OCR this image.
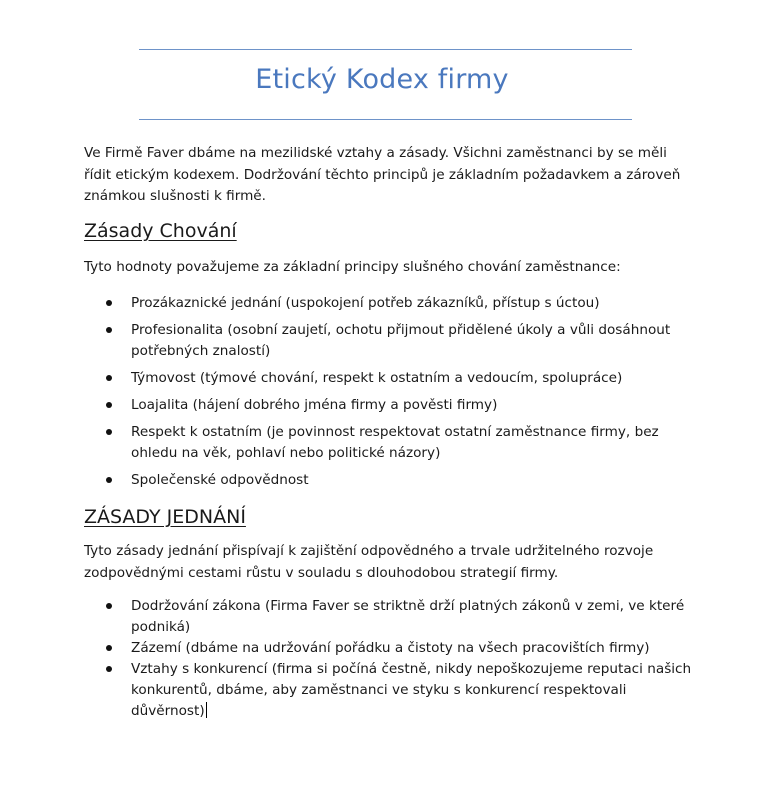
Etický Kodex firmy

Ve Firmě Faver dbáme na mezilidské vztahy a zásady. Všichni zaměstnanci by se měli řídit etickým kodexem. Dodržování těchto principů je základním požadavkem a zároveň známkou slušnosti k firmě.

Zásady Chování

Tyto hodnoty považujeme za základní principy slušného chování zaměstnance:

Prozákaznické jednání (uspokojení potřeb zákazníků, přístup s úctou)
Profesionalita (osobní zaujetí, ochotu přijmout přidělené úkoly a vůli dosáhnout potřebných znalostí)
Týmovost (týmové chování, respekt k ostatním a vedoucím, spolupráce)
Loajalita (hájení dobrého jména firmy a pověsti firmy)
Respekt k ostatním (je povinnost respektovat ostatní zaměstnance firmy, bez ohledu na věk, pohlaví nebo politické názory)
Společenské odpovědnost
ZÁSADY JEDNÁNÍ

Tyto zásady jednání přispívají k zajištění odpovědného a trvale udržitelného rozvoje zodpovědnými cestami růstu v souladu s dlouhodobou strategií firmy.

Dodržování zákona (Firma Faver se striktně drží platných zákonů v zemi, ve které podniká)
Zázemí (dbáme na udržování pořádku a čistoty na všech pracovištích firmy)
Vztahy s konkurencí (firma si počíná čestně, nikdy nepoškozujeme reputaci našich konkurentů, dbáme, aby zaměstnanci ve styku s konkurencí respektovali důvěrnost)
